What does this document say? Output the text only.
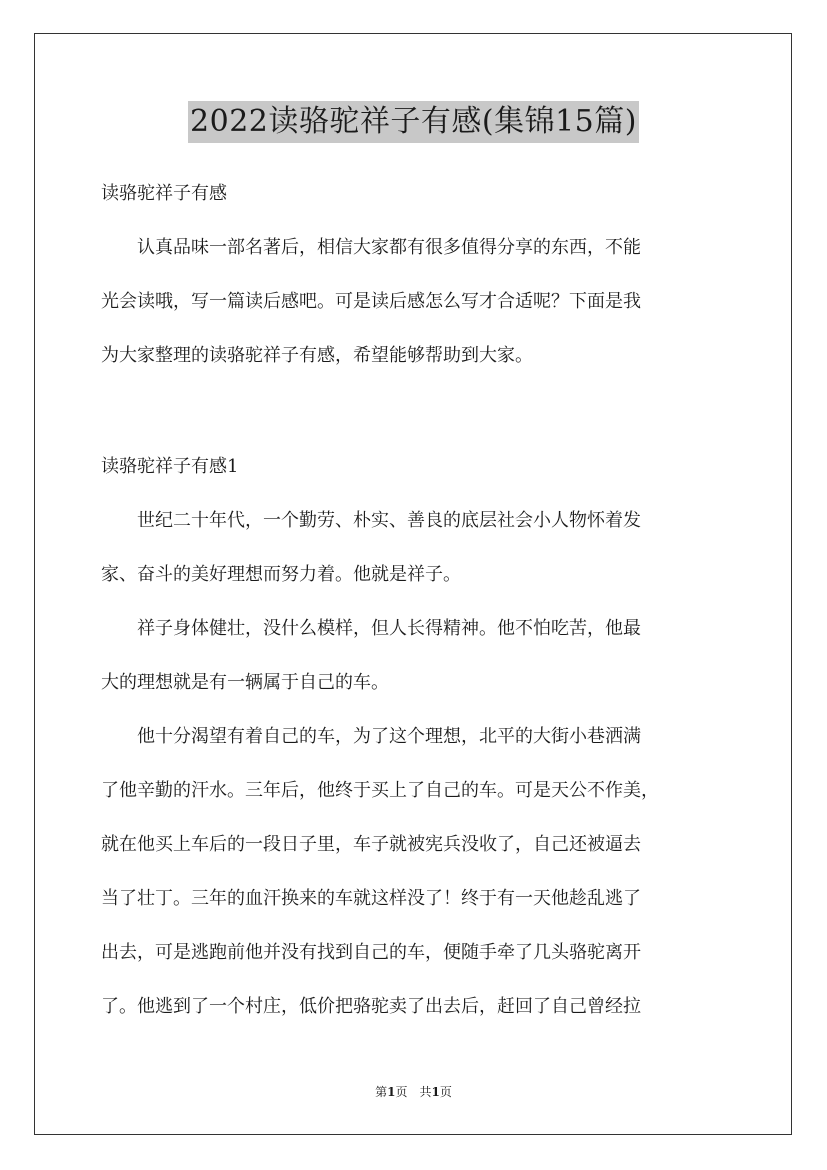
2022读骆驼祥子有感(集锦15篇)
读骆驼祥子有感
　　认真品味一部名著后，相信大家都有很多值得分享的东西，不能
光会读哦，写一篇读后感吧。可是读后感怎么写才合适呢？下面是我
为大家整理的读骆驼祥子有感，希望能够帮助到大家。
读骆驼祥子有感1
　　世纪二十年代，一个勤劳、朴实、善良的底层社会小人物怀着发
家、奋斗的美好理想而努力着。他就是祥子。
　　祥子身体健壮，没什么模样，但人长得精神。他不怕吃苦，他最
大的理想就是有一辆属于自己的车。
　　他十分渴望有着自己的车，为了这个理想，北平的大街小巷洒满
了他辛勤的汗水。三年后，他终于买上了自己的车。可是天公不作美，
就在他买上车后的一段日子里，车子就被宪兵没收了，自己还被逼去
当了壮丁。三年的血汗换来的车就这样没了！终于有一天他趁乱逃了
出去，可是逃跑前他并没有找到自己的车，便随手牵了几头骆驼离开
了。他逃到了一个村庄，低价把骆驼卖了出去后，赶回了自己曾经拉
第1页　共1页
